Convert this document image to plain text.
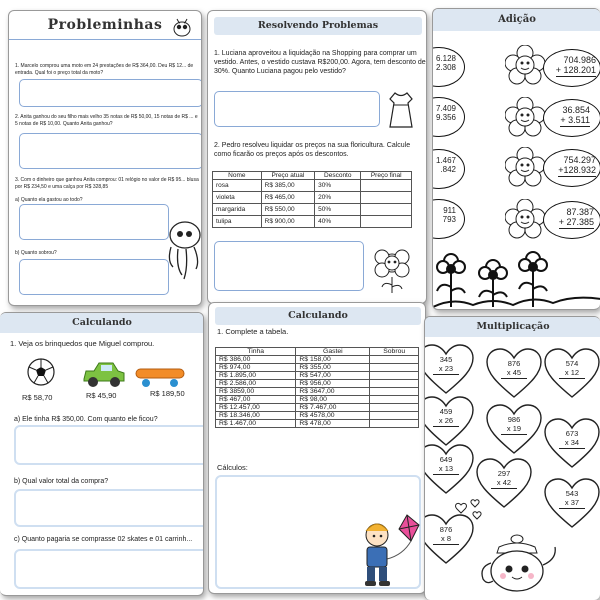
Probleminhas
1. Marcelo comprou uma moto em 24 prestações de R$ 364,00. Deu R$ 12... de entrada. Qual foi o preço total da moto?
2. Anita ganhou do seu filho mais velho 35 notas de R$ 50,00, 15 notas de R$ ... e 5 notas de R$ 10,00. Quanto Anita ganhou?
3. Com o dinheiro que ganhou Anita comprou: 01 relógio no valor de R$ 95... blusa por R$ 234,50 e uma calça por R$ 328,85
a) Quanto ela gastou ao todo?
b) Quanto sobrou?
Resolvendo Problemas
1. Luciana aproveitou a liquidação na Shopping para comprar um vestido. Antes, o vestido custava R$200,00. Agora, tem desconto de 30%. Quanto Luciana pagou pelo vestido?
2. Pedro resolveu liquidar os preços na sua floricultura. Calcule como ficarão os preços após os descontos.
Nome	Preço atual	Desconto	Preço final
rosa	R$ 385,00	30%	
violeta	R$ 465,00	20%	
margarida	R$ 550,00	50%	
tulipa	R$ 900,00	40%	
Adição
6.128
2.308
7.409
9.356
1.467
.842
911
793
704.986
+ 128.201
36.854
+ 3.511
754.297
+128.932
87.387
+ 27.385
Calculando
1. Veja os brinquedos que Miguel comprou.
R$ 58,70	R$ 45,90	R$ 189,50
a) Ele tinha R$ 350,00. Com quanto ele ficou?
b) Qual valor total da compra?
c) Quanto pagaria se comprasse 02 skates e 01 carrinh...
Calculando
1. Complete a tabela.
Tinha	Gastei	Sobrou
R$ 386,00	R$ 158,00	
R$ 974,00	R$ 355,00	
R$ 1.895,00	R$ 547,00	
R$ 2.586,00	R$ 956,00	
R$ 3859,00	R$ 3647,00	
R$ 467,00	R$ 98,00	
R$ 12.457,00	R$ 7.467,00	
R$ 18.346,00	R$ 4578,00	
R$ 1.467,00	R$ 478,00	
Cálculos:
Multiplicação
345
x 23
876
x 45
574
x 12
459
x 26	986
x 19
673
x 34
649
x 13
297
x 42
543
x 37
876
x 8
